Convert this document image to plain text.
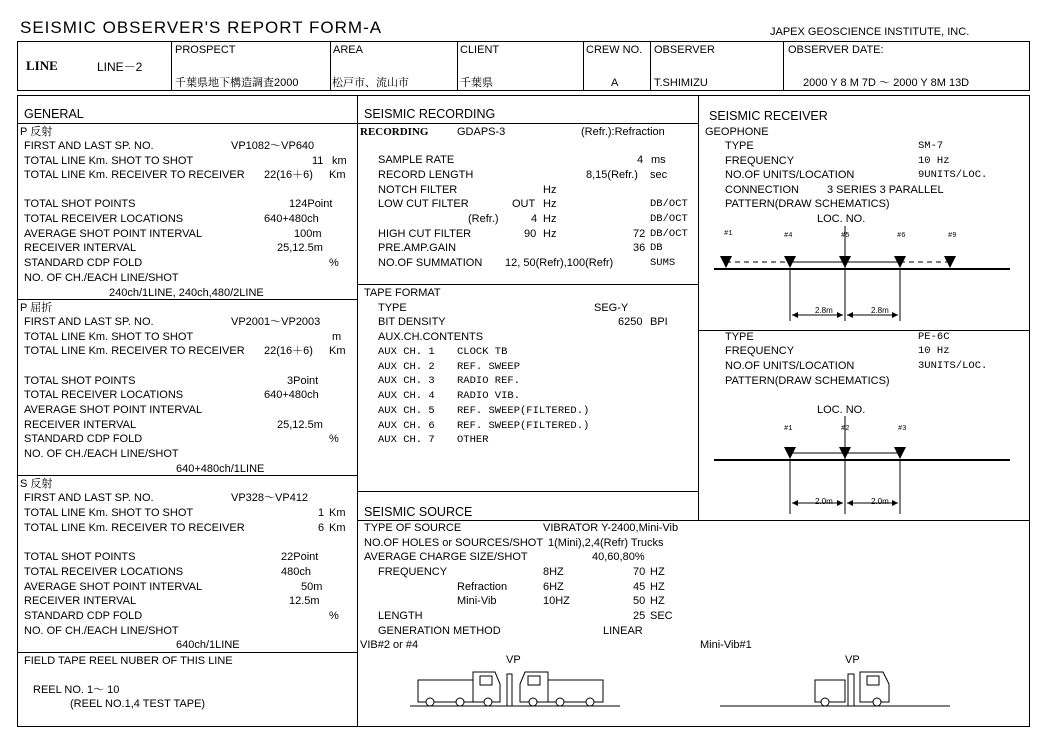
SEISMIC OBSERVER'S REPORT FORM-A	JAPEX GEOSCIENCE INSTITUTE, INC.
LINE	LINE－2
PROSPECT
千葉県地下構造調査2000
AREA
松戸市、流山市
CLIENT
千葉県
CREW NO.
A
OBSERVER
T.SHIMIZU
OBSERVER DATE:
2000 Y 8 M 7D ～ 2000 Y 8M 13D
GENERAL
P 反射
FIRST AND LAST SP. NO.	VP1082～VP640
TOTAL LINE Km. SHOT TO SHOT	11 km
TOTAL LINE Km. RECEIVER TO RECEIVER 22(16＋6) Km
TOTAL SHOT POINTS	124Point
TOTAL RECEIVER LOCATIONS	640+480ch
AVERAGE SHOT POINT INTERVAL	100m
RECEIVER INTERVAL	25,12.5m
STANDARD CDP FOLD	%
NO. OF CH./EACH LINE/SHOT
240ch/1LINE, 240ch,480/2LINE
P 屈折
FIRST AND LAST SP. NO.	VP2001～VP2003
TOTAL LINE Km. SHOT TO SHOT	m
TOTAL LINE Km. RECEIVER TO RECEIVER 22(16＋6) Km
TOTAL SHOT POINTS	3Point
TOTAL RECEIVER LOCATIONS	640+480ch
AVERAGE SHOT POINT INTERVAL
RECEIVER INTERVAL	25,12.5m
STANDARD CDP FOLD	%
NO. OF CH./EACH LINE/SHOT
640+480ch/1LINE
S 反射
FIRST AND LAST SP. NO.	VP328～VP412
TOTAL LINE Km. SHOT TO SHOT	1 Km
TOTAL LINE Km. RECEIVER TO RECEIVER	6 Km
TOTAL SHOT POINTS	22Point
TOTAL RECEIVER LOCATIONS	480ch
AVERAGE SHOT POINT INTERVAL	50m
RECEIVER INTERVAL	12.5m
STANDARD CDP FOLD	%
NO. OF CH./EACH LINE/SHOT
640ch/1LINE
FIELD TAPE REEL NUBER OF THIS LINE
REEL NO. 1～ 10
(REEL NO.1,4 TEST TAPE)
SEISMIC RECORDING
RECORDING	GDAPS-3	(Refr.):Refraction
SAMPLE RATE	4 ms
RECORD LENGTH	8,15(Refr.) sec
NOTCH FILTER	Hz
LOW CUT FILTER	OUT Hz	DB/OCT
(Refr.)	4 Hz	DB/OCT
HIGH CUT FILTER	90 Hz	72 DB/OCT
PRE.AMP.GAIN	36 DB
NO.OF SUMMATION 12, 50(Refr),100(Refr)	SUMS
TAPE FORMAT
TYPE	SEG-Y
BIT DENSITY	6250 BPI
AUX.CH.CONTENTS
AUX CH. 1 CLOCK TB
AUX CH. 2 REF. SWEEP
AUX CH. 3 RADIO REF.
AUX CH. 4 RADIO VIB.
AUX CH. 5 REF. SWEEP(FILTERED.)
AUX CH. 6 REF. SWEEP(FILTERED.)
AUX CH. 7 OTHER
SEISMIC RECEIVER
GEOPHONE
TYPE	SM-7
FREQUENCY	10 Hz
NO.OF UNITS/LOCATION	9UNITS/LOC.
CONNECTION	3 SERIES 3 PARALLEL
PATTERN(DRAW SCHEMATICS)
LOC. NO.
#1	#4	#5	#6	#9
2.8m	2.8m
TYPE	PE-6C
FREQUENCY	10 Hz
NO.OF UNITS/LOCATION	3UNITS/LOC.
PATTERN(DRAW SCHEMATICS)
LOC. NO.
#1	#2	#3
2.0m	2.0m
SEISMIC SOURCE
TYPE OF SOURCE	VIBRATOR Y-2400,Mini-Vib
NO.OF HOLES or SOURCES/SHOT 1(Mini),2,4(Refr) Trucks
AVERAGE CHARGE SIZE/SHOT	40,60,80%
FREQUENCY	8HZ	70 HZ
Refraction	6HZ	45 HZ
Mini-Vib	10HZ	50 HZ
LENGTH	25 SEC
GENERATION METHOD	LINEAR
VIB#2 or #4	Mini-Vib#1
VP	VP
